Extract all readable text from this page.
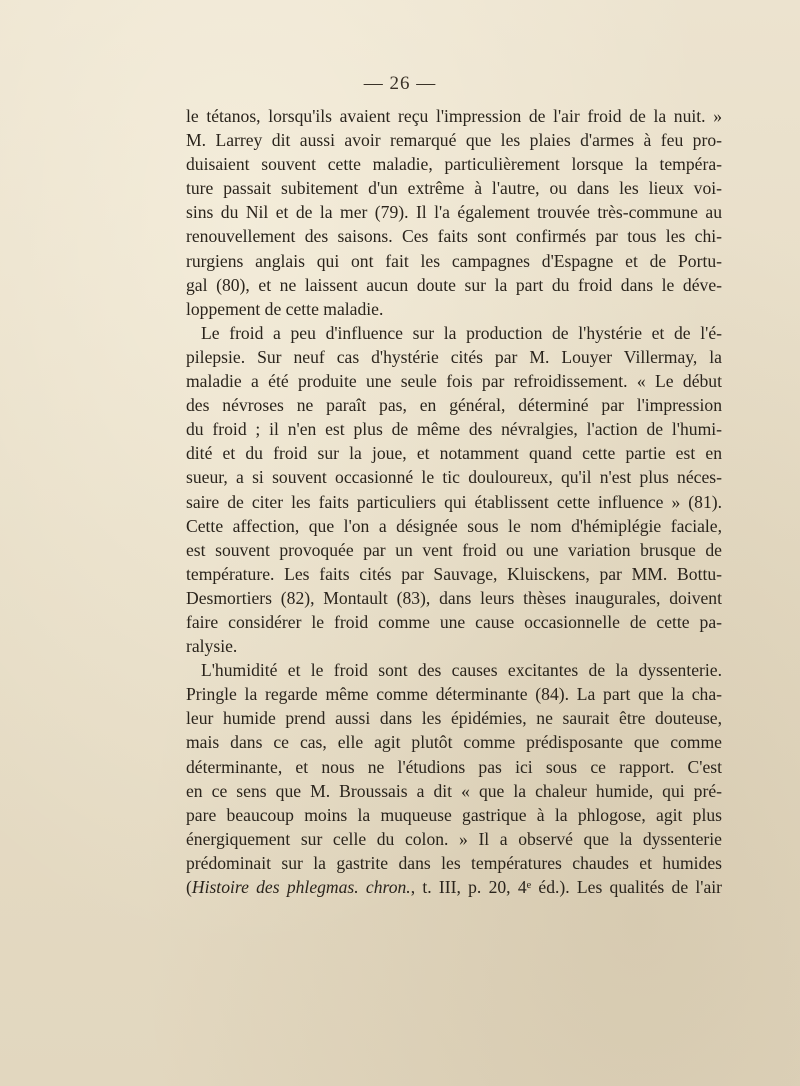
— 26 —
le tétanos, lorsqu'ils avaient reçu l'impression de l'air froid de la nuit. »
M. Larrey dit aussi avoir remarqué que les plaies d'armes à feu pro-
duisaient souvent cette maladie, particulièrement lorsque la tempéra-
ture passait subitement d'un extrême à l'autre, ou dans les lieux voi-
sins du Nil et de la mer (79). Il l'a également trouvée très-commune au
renouvellement des saisons. Ces faits sont confirmés par tous les chi-
rurgiens anglais qui ont fait les campagnes d'Espagne et de Portu-
gal (80), et ne laissent aucun doute sur la part du froid dans le déve-
loppement de cette maladie.
Le froid a peu d'influence sur la production de l'hystérie et de l'é-
pilepsie. Sur neuf cas d'hystérie cités par M. Louyer Villermay, la
maladie a été produite une seule fois par refroidissement. « Le début
des névroses ne paraît pas, en général, déterminé par l'impression
du froid ; il n'en est plus de même des névralgies, l'action de l'humi-
dité et du froid sur la joue, et notamment quand cette partie est en
sueur, a si souvent occasionné le tic douloureux, qu'il n'est plus néces-
saire de citer les faits particuliers qui établissent cette influence » (81).
Cette affection, que l'on a désignée sous le nom d'hémiplégie faciale,
est souvent provoquée par un vent froid ou une variation brusque de
température. Les faits cités par Sauvage, Kluisckens, par MM. Bottu-
Desmortiers (82), Montault (83), dans leurs thèses inaugurales, doivent
faire considérer le froid comme une cause occasionnelle de cette pa-
ralysie.
L'humidité et le froid sont des causes excitantes de la dyssenterie.
Pringle la regarde même comme déterminante (84). La part que la cha-
leur humide prend aussi dans les épidémies, ne saurait être douteuse,
mais dans ce cas, elle agit plutôt comme prédisposante que comme
déterminante, et nous ne l'étudions pas ici sous ce rapport. C'est
en ce sens que M. Broussais a dit « que la chaleur humide, qui pré-
pare beaucoup moins la muqueuse gastrique à la phlogose, agit plus
énergiquement sur celle du colon. » Il a observé que la dyssenterie
prédominait sur la gastrite dans les températures chaudes et humides
(Histoire des phlegmas. chron., t. III, p. 20, 4ᵉ éd.). Les qualités de l'air
